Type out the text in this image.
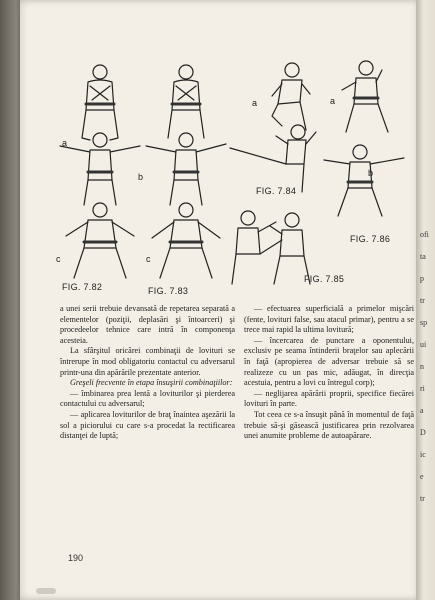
ofi
ta
p
tr
sp
ui
n
ri
a
D
ic
e
tr
a
b
c	c
a	a
b
FIG. 7.82	FIG. 7.83
FIG. 7.84
FIG. 7.85
FIG. 7.86

a unei serii trebuie devansată de repetarea separată a elementelor (poziţii, deplasări şi întoarceri) şi procedeelor tehnice care intră în componenţa acesteia.

La sfârşitul oricărei combinaţii de lovituri se întrerupe în mod obligatoriu contactul cu adversarul printr-una din apărările prezentate anterior.

Greşeli frecvente în etapa însuşirii combinaţiilor:

— îmbinarea prea lentă a loviturilor şi pierderea contactului cu adversarul;

— aplicarea loviturilor de braţ înaintea aşezării la sol a piciorului cu care s-a procedat la rectificarea distanţei de luptă;

— efectuarea superficială a primelor mişcări (fente, lovituri false, sau atacul primar), pentru a se trece mai rapid la ultima lovitură;

— încercarea de punctare a oponentului, exclusiv pe seama întinderii braţelor sau aplecării în faţă (apropierea de adversar trebuie să se realizeze cu un pas mic, adăugat, în direcţia acestuia, pentru a lovi cu întregul corp);

— neglijarea apărării proprii, specifice fiecărei lovituri în parte.

Tot ceea ce s-a însuşit până în momentul de faţă trebuie să-şi găsească justificarea prin rezolvarea unei anumite probleme de autoapărare.

190
